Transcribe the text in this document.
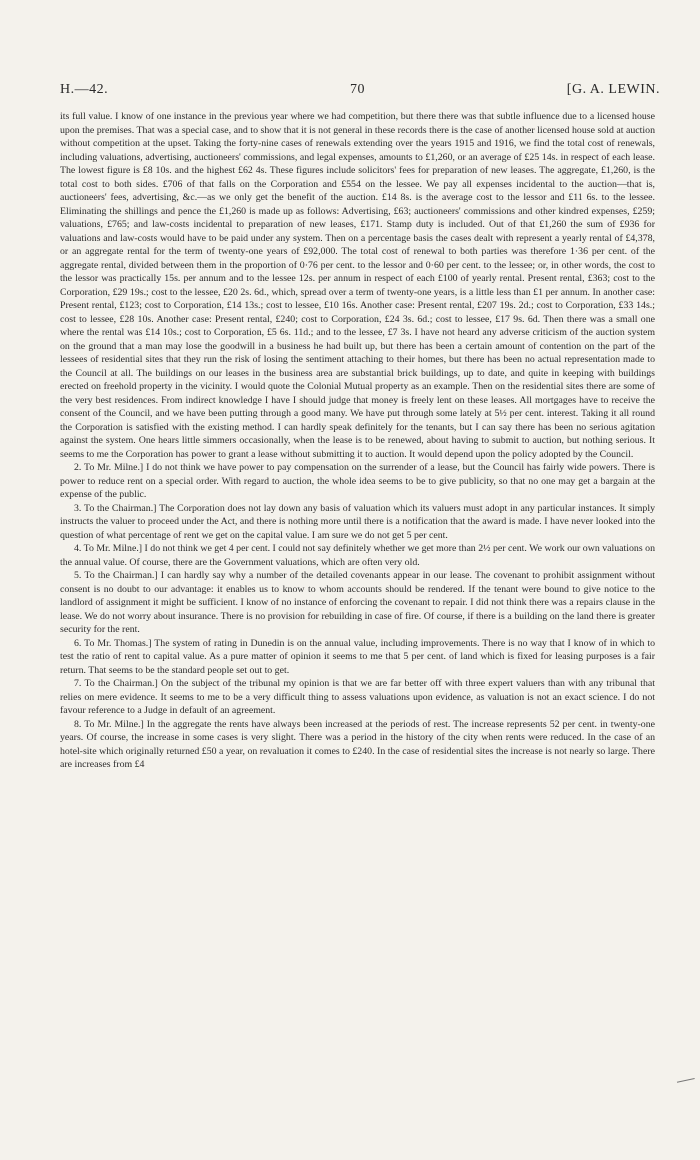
H.—42.	70	[G. A. LEWIN.

its full value. I know of one instance in the previous year where we had competition, but there there was that subtle influence due to a licensed house upon the premises. That was a special case, and to show that it is not general in these records there is the case of another licensed house sold at auction without competition at the upset. Taking the forty-nine cases of renewals extending over the years 1915 and 1916, we find the total cost of renewals, including valuations, advertising, auctioneers' commissions, and legal expenses, amounts to £1,260, or an average of £25 14s. in respect of each lease. The lowest figure is £8 10s. and the highest £62 4s. These figures include solicitors' fees for preparation of new leases. The aggregate, £1,260, is the total cost to both sides. £706 of that falls on the Corporation and £554 on the lessee. We pay all expenses incidental to the auction—that is, auctioneers' fees, advertising, &c.—as we only get the benefit of the auction. £14 8s. is the average cost to the lessor and £11 6s. to the lessee. Eliminating the shillings and pence the £1,260 is made up as follows: Advertising, £63; auctioneers' commissions and other kindred expenses, £259; valuations, £765; and law-costs incidental to preparation of new leases, £171. Stamp duty is included. Out of that £1,260 the sum of £936 for valuations and law-costs would have to be paid under any system. Then on a percentage basis the cases dealt with represent a yearly rental of £4,378, or an aggregate rental for the term of twenty-one years of £92,000. The total cost of renewal to both parties was therefore 1·36 per cent. of the aggregate rental, divided between them in the proportion of 0·76 per cent. to the lessor and 0·60 per cent. to the lessee; or, in other words, the cost to the lessor was practically 15s. per annum and to the lessee 12s. per annum in respect of each £100 of yearly rental. Present rental, £363; cost to the Corporation, £29 19s.; cost to the lessee, £20 2s. 6d., which, spread over a term of twenty-one years, is a little less than £1 per annum. In another case: Present rental, £123; cost to Corporation, £14 13s.; cost to lessee, £10 16s. Another case: Present rental, £207 19s. 2d.; cost to Corporation, £33 14s.; cost to lessee, £28 10s. Another case: Present rental, £240; cost to Corporation, £24 3s. 6d.; cost to lessee, £17 9s. 6d. Then there was a small one where the rental was £14 10s.; cost to Corporation, £5 6s. 11d.; and to the lessee, £7 3s. I have not heard any adverse criticism of the auction system on the ground that a man may lose the goodwill in a business he had built up, but there has been a certain amount of contention on the part of the lessees of residential sites that they run the risk of losing the sentiment attaching to their homes, but there has been no actual representation made to the Council at all. The buildings on our leases in the business area are substantial brick buildings, up to date, and quite in keeping with buildings erected on freehold property in the vicinity. I would quote the Colonial Mutual property as an example. Then on the residential sites there are some of the very best residences. From indirect knowledge I have I should judge that money is freely lent on these leases. All mortgages have to receive the consent of the Council, and we have been putting through a good many. We have put through some lately at 5½ per cent. interest. Taking it all round the Corporation is satisfied with the existing method. I can hardly speak definitely for the tenants, but I can say there has been no serious agitation against the system. One hears little simmers occasionally, when the lease is to be renewed, about having to submit to auction, but nothing serious. It seems to me the Corporation has power to grant a lease without submitting it to auction. It would depend upon the policy adopted by the Council.

2. To Mr. Milne.] I do not think we have power to pay compensation on the surrender of a lease, but the Council has fairly wide powers. There is power to reduce rent on a special order. With regard to auction, the whole idea seems to be to give publicity, so that no one may get a bargain at the expense of the public.

3. To the Chairman.] The Corporation does not lay down any basis of valuation which its valuers must adopt in any particular instances. It simply instructs the valuer to proceed under the Act, and there is nothing more until there is a notification that the award is made. I have never looked into the question of what percentage of rent we get on the capital value. I am sure we do not get 5 per cent.

4. To Mr. Milne.] I do not think we get 4 per cent. I could not say definitely whether we get more than 2½ per cent. We work our own valuations on the annual value. Of course, there are the Government valuations, which are often very old.

5. To the Chairman.] I can hardly say why a number of the detailed covenants appear in our lease. The covenant to prohibit assignment without consent is no doubt to our advantage: it enables us to know to whom accounts should be rendered. If the tenant were bound to give notice to the landlord of assignment it might be sufficient. I know of no instance of enforcing the covenant to repair. I did not think there was a repairs clause in the lease. We do not worry about insurance. There is no provision for rebuilding in case of fire. Of course, if there is a building on the land there is greater security for the rent.

6. To Mr. Thomas.] The system of rating in Dunedin is on the annual value, including improvements. There is no way that I know of in which to test the ratio of rent to capital value. As a pure matter of opinion it seems to me that 5 per cent. of land which is fixed for leasing purposes is a fair return. That seems to be the standard people set out to get.

7. To the Chairman.] On the subject of the tribunal my opinion is that we are far better off with three expert valuers than with any tribunal that relies on mere evidence. It seems to me to be a very difficult thing to assess valuations upon evidence, as valuation is not an exact science. I do not favour reference to a Judge in default of an agreement.

8. To Mr. Milne.] In the aggregate the rents have always been increased at the periods of rest. The increase represents 52 per cent. in twenty-one years. Of course, the increase in some cases is very slight. There was a period in the history of the city when rents were reduced. In the case of an hotel-site which originally returned £50 a year, on revaluation it comes to £240. In the case of residential sites the increase is not nearly so large. There are increases from £4
